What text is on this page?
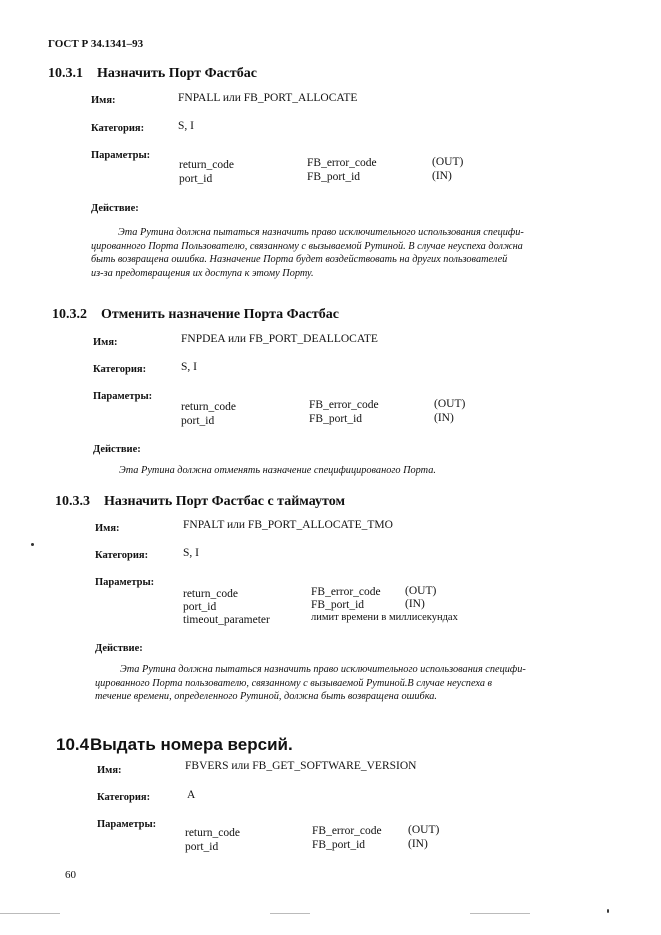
ГОСТ Р 34.1341–93
10.3.1 Назначить Порт Фастбас
Имя:	FNPALL или FB_PORT_ALLOCATE
Категория:	S, I
Параметры:
return_code	FB_error_code	(OUT)
port_id	FB_port_id	(IN)
Действие:
Эта Рутина должна пытаться назначить право исключительного использования специфи-
цированного Порта Пользователю, связанному с вызываемой Рутиной. В случае неуспеха должна
быть возвращена ошибка. Назначение Порта будет воздействовать на других пользователей
из-за предотвращения их доступа к этому Порту.
10.3.2 Отменить назначение Порта Фастбас
Имя:	FNPDEA или FB_PORT_DEALLOCATE
Категория:	S, I
Параметры:
return_code	FB_error_code	(OUT)
port_id	FB_port_id	(IN)
Действие:
Эта Рутина должна отменять назначение специфицированого Порта.
10.3.3 Назначить Порт Фастбас с таймаутом
Имя:	FNPALT или FB_PORT_ALLOCATE_TMO
Категория:	S, I
Параметры:
return_code	FB_error_code (OUT)
port_id	FB_port_id	(IN)
timeout_parameter	лимит времени в миллисекундах
Действие:
Эта Рутина должна пытаться назначить право исключительного использования специфи-
цированного Порта пользователю, связанному с вызываемой Рутиной.В случае неуспеха в
течение времени, определенного Рутиной, должна быть возвращена ошибка.
10.4Выдать номера версий.
Имя:	FBVERS или FB_GET_SOFTWARE_VERSION
Категория:	A
Параметры:
return_code	FB_error_code (OUT)
port_id	FB_port_id	(IN)
60
